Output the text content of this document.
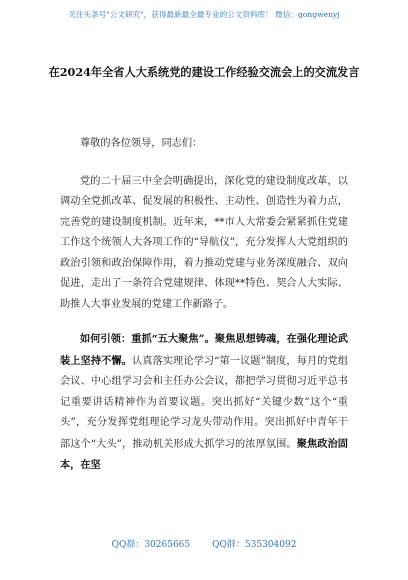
关注头条号"公文研究"，获得最新最全最专业的公文资料库！ 微信：gongwenyj
在2024年全省人大系统党的建设工作经验交流会上的交流发言

尊敬的各位领导，同志们：

党的二十届三中全会明确提出，深化党的建设制度改革，以调动全党抓改革、促发展的积极性、主动性、创造性为着力点，完善党的建设制度机制。近年来，**市人大常委会紧紧抓住党建工作这个统领人大各项工作的“导航仪”，充分发挥人大党组织的政治引领和政治保障作用，着力推动党建与业务深度融合、双向促进，走出了一条符合党建规律、体现**特色、契合人大实际、助推人大事业发展的党建工作新路子。

如何引领：重抓“五大聚焦”。聚焦思想铸魂，在强化理论武装上坚持不懈。认真落实理论学习“第一议题”制度，每月的党组会议、中心组学习会和主任办公会议，都把学习贯彻习近平总书记重要讲话精神作为首要议题。突出抓好“关键少数”这个“重头”，充分发挥党组理论学习龙头带动作用。突出抓好中青年干部这个“大头”，推动机关形成大抓学习的浓厚氛围。聚焦政治固本，在坚

QQ群：30265665 QQ群：535304092
